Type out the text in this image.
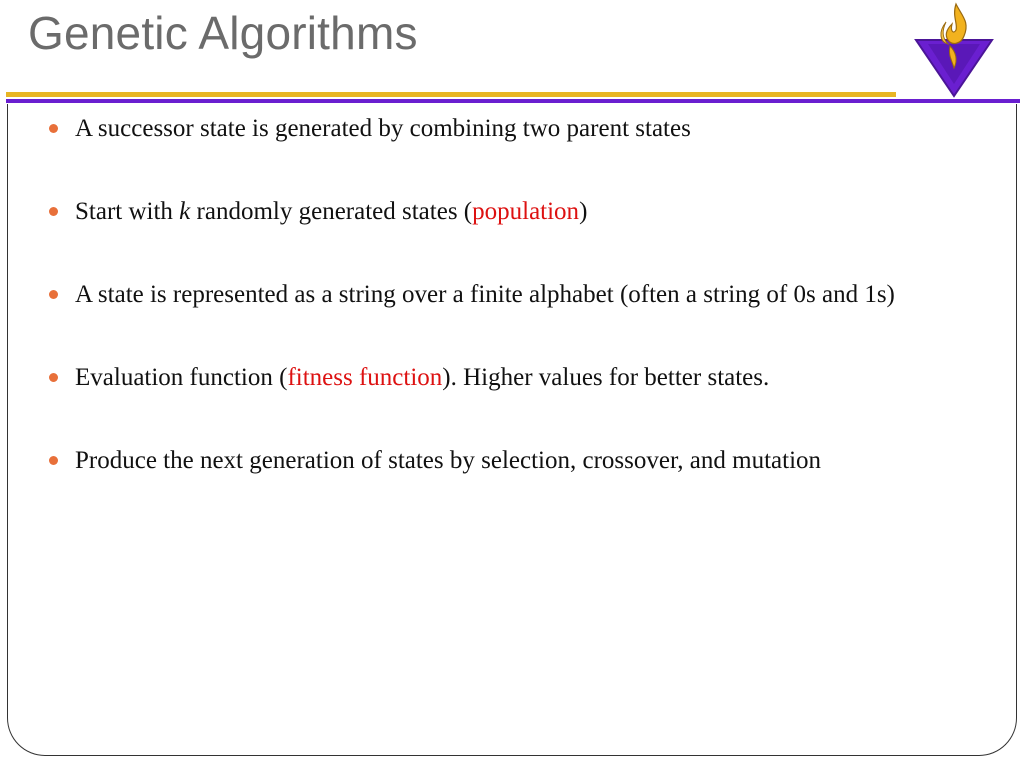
Genetic Algorithms
A successor state is generated by combining two parent states
Start with k randomly generated states (population)
A state is represented as a string over a finite alphabet (often a string of 0s and 1s)
Evaluation function (fitness function). Higher values for better states.
Produce the next generation of states by selection, crossover, and mutation
